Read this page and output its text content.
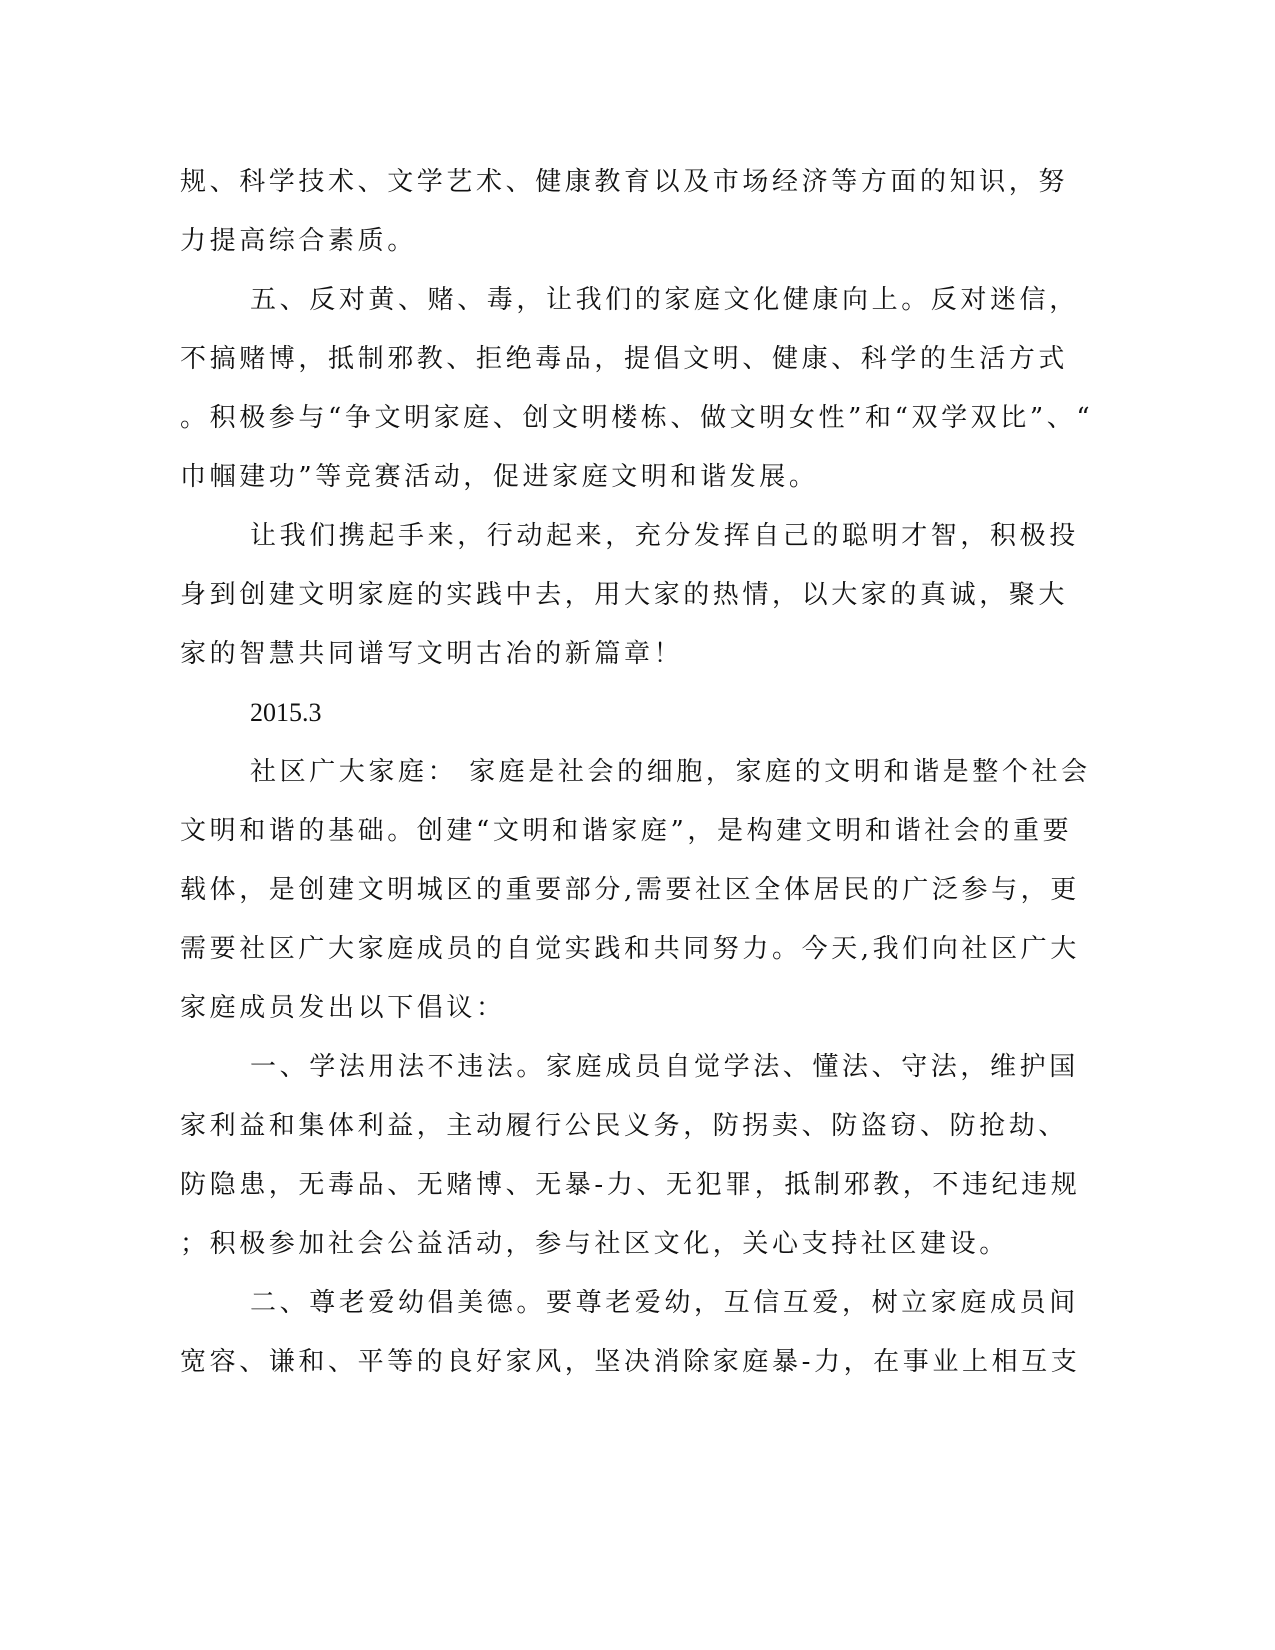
规、科学技术、文学艺术、健康教育以及市场经济等方面的知识，努
力提高综合素质。
五、反对黄、赌、毒，让我们的家庭文化健康向上。反对迷信，
不搞赌博，抵制邪教、拒绝毒品，提倡文明、健康、科学的生活方式
。积极参与“争文明家庭、创文明楼栋、做文明女性”和“双学双比”、“
巾帼建功”等竞赛活动，促进家庭文明和谐发展。
让我们携起手来，行动起来，充分发挥自己的聪明才智，积极投
身到创建文明家庭的实践中去，用大家的热情，以大家的真诚，聚大
家的智慧共同谱写文明古冶的新篇章！
2015.3
社区广大家庭： 家庭是社会的细胞，家庭的文明和谐是整个社会
文明和谐的基础。创建“文明和谐家庭”，是构建文明和谐社会的重要
载体，是创建文明城区的重要部分,需要社区全体居民的广泛参与，更
需要社区广大家庭成员的自觉实践和共同努力。今天,我们向社区广大
家庭成员发出以下倡议：
一、学法用法不违法。家庭成员自觉学法、懂法、守法，维护国
家利益和集体利益，主动履行公民义务，防拐卖、防盗窃、防抢劫、
防隐患，无毒品、无赌博、无暴-力、无犯罪，抵制邪教，不违纪违规
；积极参加社会公益活动，参与社区文化，关心支持社区建设。
二、尊老爱幼倡美德。要尊老爱幼，互信互爱，树立家庭成员间
宽容、谦和、平等的良好家风，坚决消除家庭暴-力，在事业上相互支
